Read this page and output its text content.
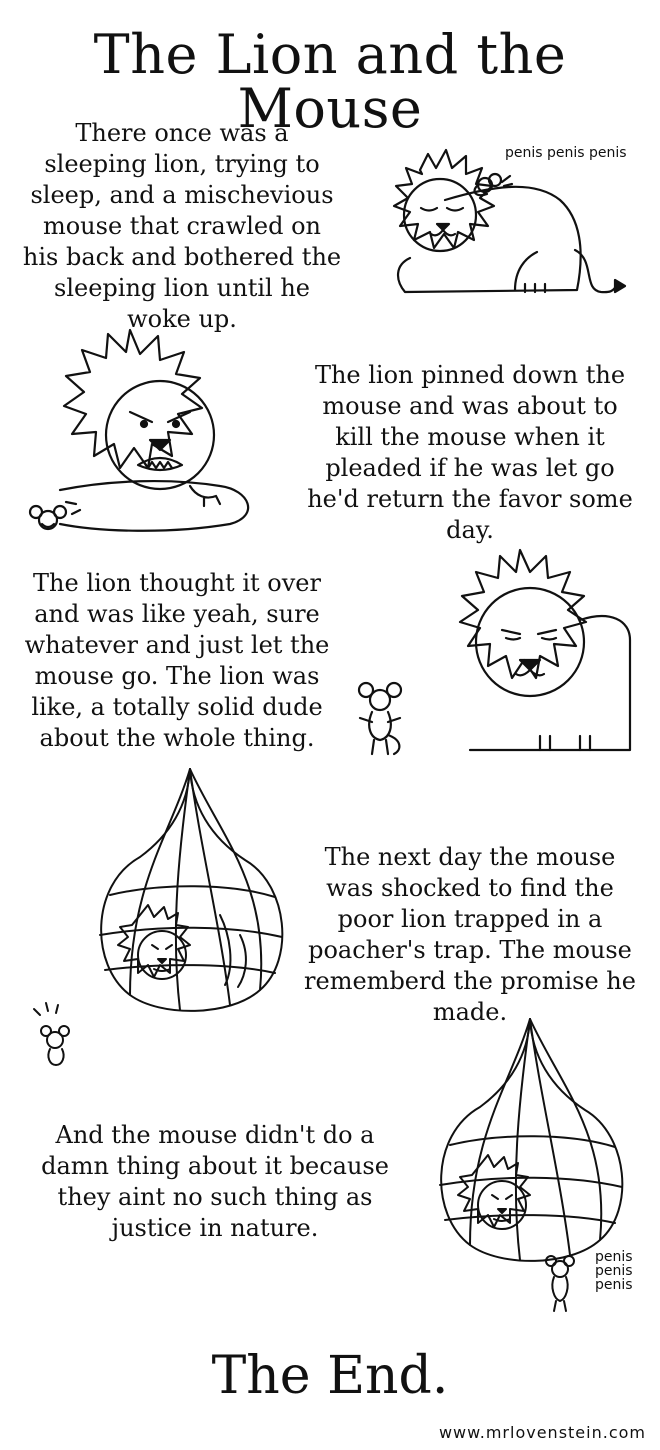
The Lion and the Mouse
There once was a sleeping lion, trying to sleep, and a mischevious mouse that crawled on his back and bothered the sleeping lion until he woke up.
penis penis penis
The lion pinned down the mouse and was about to kill the mouse when it pleaded if he was let go he'd return the favor some day.
The lion thought it over and was like yeah, sure whatever and just let the mouse go. The lion was like, a totally solid dude about the whole thing.
The next day the mouse was shocked to find the poor lion trapped in a poacher's trap. The mouse rememberd the promise he made.
And the mouse didn't do a damn thing about it because they aint no such thing as justice in nature.
penis
penis
penis
The End.
www.mrlovenstein.com
